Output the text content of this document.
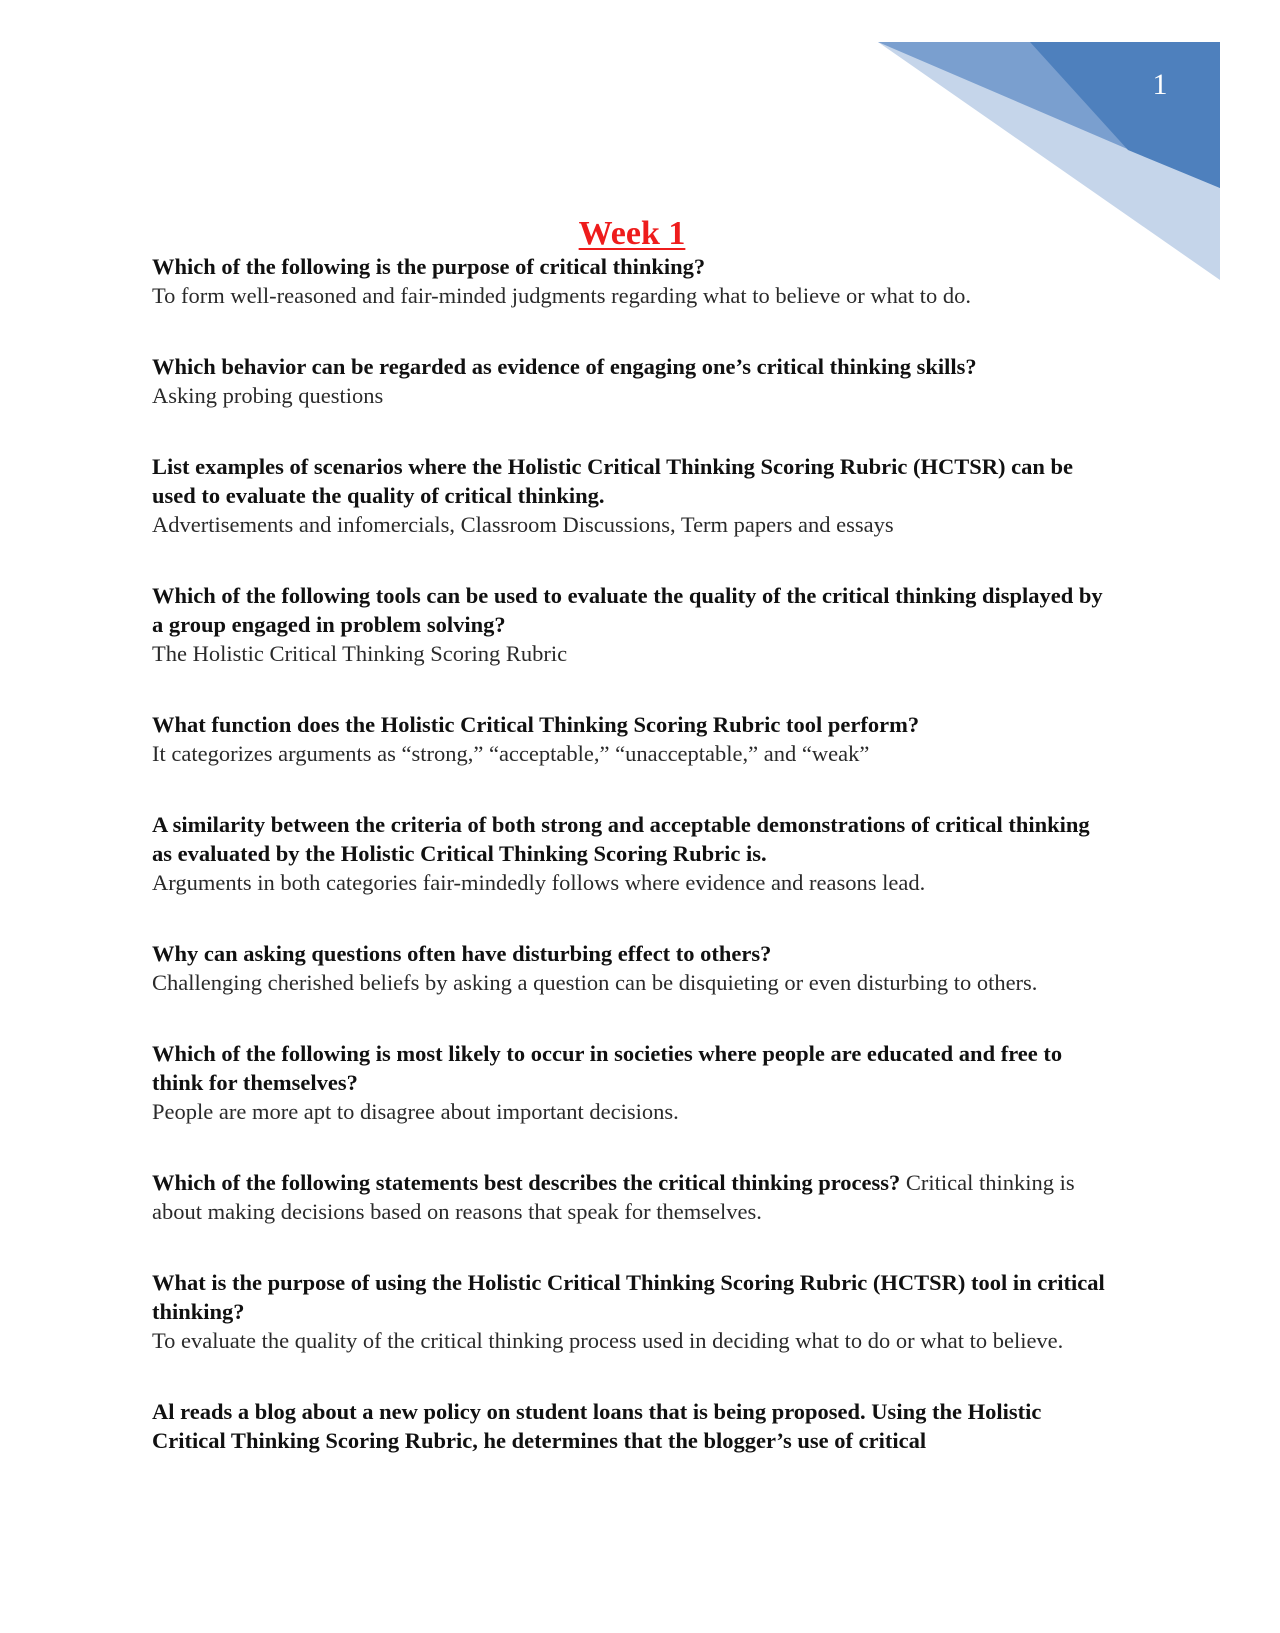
1
Week 1
Which of the following is the purpose of critical thinking?
To form well-reasoned and fair-minded judgments regarding what to believe or what to do.
Which behavior can be regarded as evidence of engaging one’s critical thinking skills?
Asking probing questions
List examples of scenarios where the Holistic Critical Thinking Scoring Rubric (HCTSR) can be used to evaluate the quality of critical thinking.
Advertisements and infomercials, Classroom Discussions, Term papers and essays
Which of the following tools can be used to evaluate the quality of the critical thinking displayed by a group engaged in problem solving?
The Holistic Critical Thinking Scoring Rubric
What function does the Holistic Critical Thinking Scoring Rubric tool perform?
It categorizes arguments as “strong,” “acceptable,” “unacceptable,” and “weak”
A similarity between the criteria of both strong and acceptable demonstrations of critical thinking as evaluated by the Holistic Critical Thinking Scoring Rubric is.
Arguments in both categories fair-mindedly follows where evidence and reasons lead.
Why can asking questions often have disturbing effect to others?
Challenging cherished beliefs by asking a question can be disquieting or even disturbing to others.
Which of the following is most likely to occur in societies where people are educated and free to think for themselves?
People are more apt to disagree about important decisions.
Which of the following statements best describes the critical thinking process? Critical thinking is about making decisions based on reasons that speak for themselves.
What is the purpose of using the Holistic Critical Thinking Scoring Rubric (HCTSR) tool in critical thinking?
To evaluate the quality of the critical thinking process used in deciding what to do or what to believe.
Al reads a blog about a new policy on student loans that is being proposed. Using the Holistic Critical Thinking Scoring Rubric, he determines that the blogger’s use of critical
